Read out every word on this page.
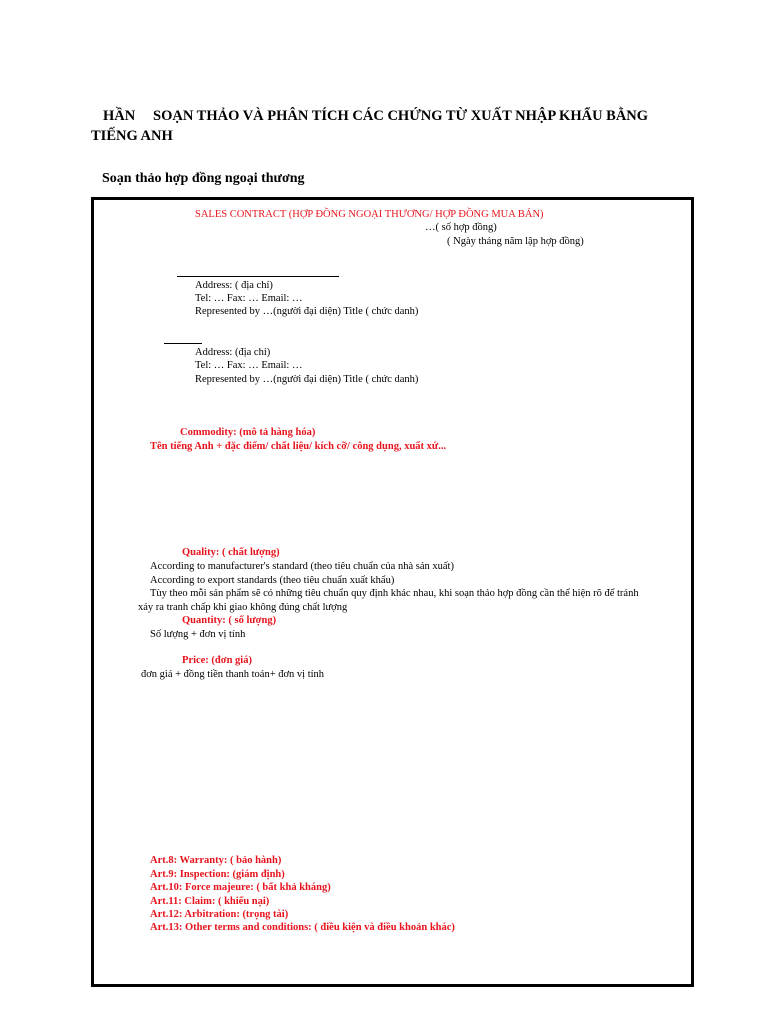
HẦN SOẠN THẢO VÀ PHÂN TÍCH CÁC CHỨNG TỪ XUẤT NHẬP KHẨU BẰNG
TIẾNG ANH
Soạn thảo hợp đồng ngoại thương
SALES CONTRACT (HỢP ĐỒNG NGOẠI THƯƠNG/ HỢP ĐỒNG MUA BÁN)
…( số hợp đồng)
( Ngày tháng năm lập hợp đồng)
Address: ( địa chỉ)
Tel: … Fax: … Email: …
Represented by …(người đại diện) Title ( chức danh)
Address: (địa chỉ)
Tel: … Fax: … Email: …
Represented by …(người đại diện) Title ( chức danh)
Commodity: (mô tả hàng hóa)
Tên tiếng Anh + đặc điểm/ chất liệu/ kích cỡ/ công dụng, xuất xứ...
Quality: ( chất lượng)
According to manufacturer's standard (theo tiêu chuẩn của nhà sản xuất)
According to export standards (theo tiêu chuẩn xuất khẩu)
Tùy theo mỗi sản phẩm sẽ có những tiêu chuẩn quy định khác nhau, khi soạn thảo hợp đồng cần thể hiện rõ để tránh
xảy ra tranh chấp khi giao không đúng chất lượng
Quantity: ( số lượng)
Số lượng + đơn vị tính
Price: (đơn giá)
đơn giá + đồng tiền thanh toán+ đơn vị tính
Art.8: Warranty: ( bảo hành)
Art.9: Inspection: (giám định)
Art.10: Force majeure: ( bất khả kháng)
Art.11: Claim: ( khiếu nại)
Art.12: Arbitration: (trọng tài)
Art.13: Other terms and conditions: ( điều kiện và điều khoản khác)
